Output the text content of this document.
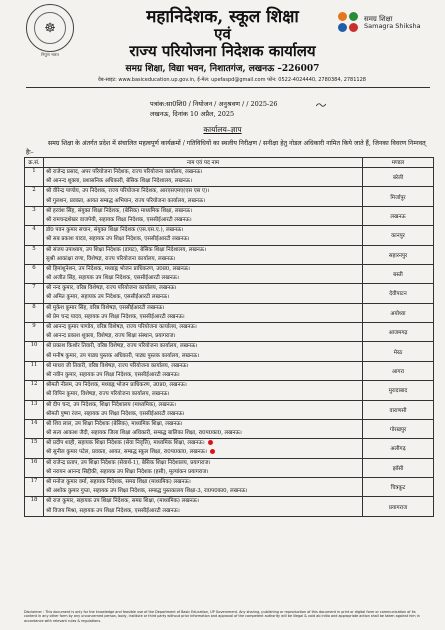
☸
निपुण भारत
समग्र शिक्षा
Samagra Shiksha
महानिदेशक, स्कूल शिक्षा
एवं
राज्य परियोजना निदेशक कार्यालय
समग्र शिक्षा, विद्या भवन, निशातगंज, लखनऊ –226007
वेब-साइट: www.basiceducation.up.gov.in, ई-मेल: upefaspd@gmail.com फोन: 0522-4024440, 2780384, 2781128
पत्रांक:सा0शि0 / नियोजन / अनुश्रवण / / 2025-26
लखनऊ, दिनांक 10 अप्रैल, 2025
कार्यालय–ज्ञाप
समग्र शिक्षा के अंतर्गत प्रदेश में संचालित महत्वपूर्ण कार्यक्रमों / गतिविधियों का स्थलीय निरीक्षण / सनीक्षा हेतु नोडल अधिकारी नामित किये जाते हैं, जिनका विवरण निम्नवत् हैः–
क्र.सं.	नाम एवं पद नाम	मण्डल
1	श्री राजेन्द्र प्रसाद, अपर परियोजना निदेशक, राज्य परियोजना कार्यालय, लखनऊ।
श्री आनन्द शुक्ला, प्रशासनिक अधिकारी, बेसिक शिक्षा निदेशालय, लखनऊ।	बरेली
2	श्री वीरेन्द्र पाण्डेय, उप निदेशक, राज्य परियोजना निदेशक, आरएसएमए(एस एस ए)।
श्री गुलशन, प्रवक्ता, आयत सम्बद्ध अभियान, राज्य परियोजना कार्यालय, लखनऊ।	मिर्जापुर
3	श्री हरवंश सिंह, संयुक्त शिक्षा निदेशक, (बेसिक) माध्यमिक शिक्षा, लखनऊ।
श्री रामचन्द्रशेखर वाजपेयी, सहायक शिक्षा निदेशक, एससीईआरटी लखनऊ।	लखनऊ
4	डॉ0 पवन कुमार सचान, संयुक्त शिक्षा निदेशक (एस.एस.ए.), लखनऊ।
श्री सब प्रकाश यादव, सहायक उप शिक्षा निदेशक, एससीईआरटी लखनऊ।	कानपुर
5	श्री संजय उपाध्याय, उप शिक्षा निदेशक (डायट), बेसिक शिक्षा निदेशालय, लखनऊ।
सुश्री आकांक्षा राणा, विशेषज्ञ, राज्य परियोजना कार्यालय, लखनऊ।	सहारनपुर
6	श्री हिमांशुनेशन, उप निदेशक, मध्याह्न भोजन प्राधिकरण, उ0प्र0, लखनऊ।
श्री अजीत सिंह, सहायक उप शिक्षा निदेशक, एससीईआरटी लखनऊ।	बस्ती
7	श्री नन्द कुमार, वरिष्ठ विशेषज्ञ, राज्य परियोजना कार्यालय, लखनऊ।
श्री अमित कुमार, सहायक उप निदेशक, एससीईआरटी लखनऊ।	देवीपाटन
8	श्री मुकेश कुमार सिंह, वरिष्ठ विशेषज्ञ, एससीईआरटी लखनऊ।
श्री प्रेम चन्द्र यादव, सहायक उप शिक्षा निदेशक, एससीईआरटी लखनऊ।	अयोध्या
9	श्री आनन्द कुमार पाण्डेय, वरिष्ठ विशेषज्ञ, राज्य परियोजना कार्यालय, लखनऊ।
श्री आनन्द प्रकाश शुक्ला, विशेषज्ञ, राज्य शिक्षा संस्थान, प्रयागराज।	आजमगढ़
10	श्री प्रकाश किशोर तिवारी, वरिष्ठ विशेषज्ञ, राज्य परियोजना कार्यालय, लखनऊ।
श्री मनीष कुमार, उप पाठ्य पुस्तक अधिकारी, पाठ्य पुस्तक कार्यालय, लखनऊ।	मेरठ
11	श्री माधव जी तिवारी, वरिष्ठ विशेषज्ञ, राज्य परियोजना कार्यालय, लखनऊ।
श्री नवीन कुमार, सहायक उप शिक्षा निदेशक, एससीईआरटी लखनऊ।	आगरा
12	श्रीमती नीलम, उप निदेशक, मध्याह्न भोजन प्राधिकरण, उ0प्र0, लखनऊ।
श्री विपिन कुमार, विशेषज्ञ, राज्य परियोजना कार्यालय, लखनऊ।	मुरादाबाद
13	श्री दीप चन्द, उप निदेशक, शिक्षा निदेशालय (माध्यमिक), लखनऊ।
श्रीमती पुष्पा रंजन, सहायक उप शिक्षा निदेशक, एससीईआरटी लखनऊ।	वाराणसी
14	श्री शिव लाल, उप शिक्षा निदेशक (बेसिक), माध्यमिक शिक्षा, लखनऊ।
श्री सत्य आकाश जैदी, सहायक जिला शिक्षा अधिकारी, सम्बद्ध बालिका शिक्षा, रा0प0का0, लखनऊ।	गोरखपुर
15	श्री प्रदीप शाही, सहायक शिक्षा निदेशक (सेवा निवृत्ति), माध्यमिक शिक्षा, लखनऊ।
श्री सुनील कुमार पटेल, प्रवक्ता, आयत, सम्बद्ध स्कूल शिक्षा, रा0प0का0, लखनऊ।	अलीगढ़
16	श्री राजेन्द्र प्रताप, उप शिक्षा निदेशक (सेवार्थ-1), बेसिक शिक्षा निदेशालय, प्रयागराज।
श्री नरायन आनन्द सिद्दीकी, सहायक उप शिक्षा निदेशक (हसी), मूल्यांकन प्रयागराज।	झाँसी
17	श्री मनोज कुमार वर्मा, सहायक निदेशक, समग्र शिक्षा (माध्यमिक) लखनऊ।
श्री अशोक कुमार गुप्ता, सहायक उप शिक्षा निदेशक, सम्बद्ध पुस्तकालय शिक्षा-3, रा0प0का0, लखनऊ।	चित्रकूट
18	श्री राज कुमार, सहायक उप शिक्षा निदेशक, समग्र शिक्षा, (माध्यमिक) लखनऊ।
श्री विजय मिश्रा, सहायक उप शिक्षा निदेशक, एससीईआरटी लखनऊ।	प्रयागराज
Disclaimer : This document is only for the knowledge and feasible use of the Department of Basic Education, UP Government. Any sharing, publishing or reproduction of this document in print or digital form or communication of its content in any other form by any unconcerned person, body, institute or third party without prior information and approval of the competent authority will be illegal & void ab initio and appropriate action shall be taken against him in accordance with relevant rules & regulations.
